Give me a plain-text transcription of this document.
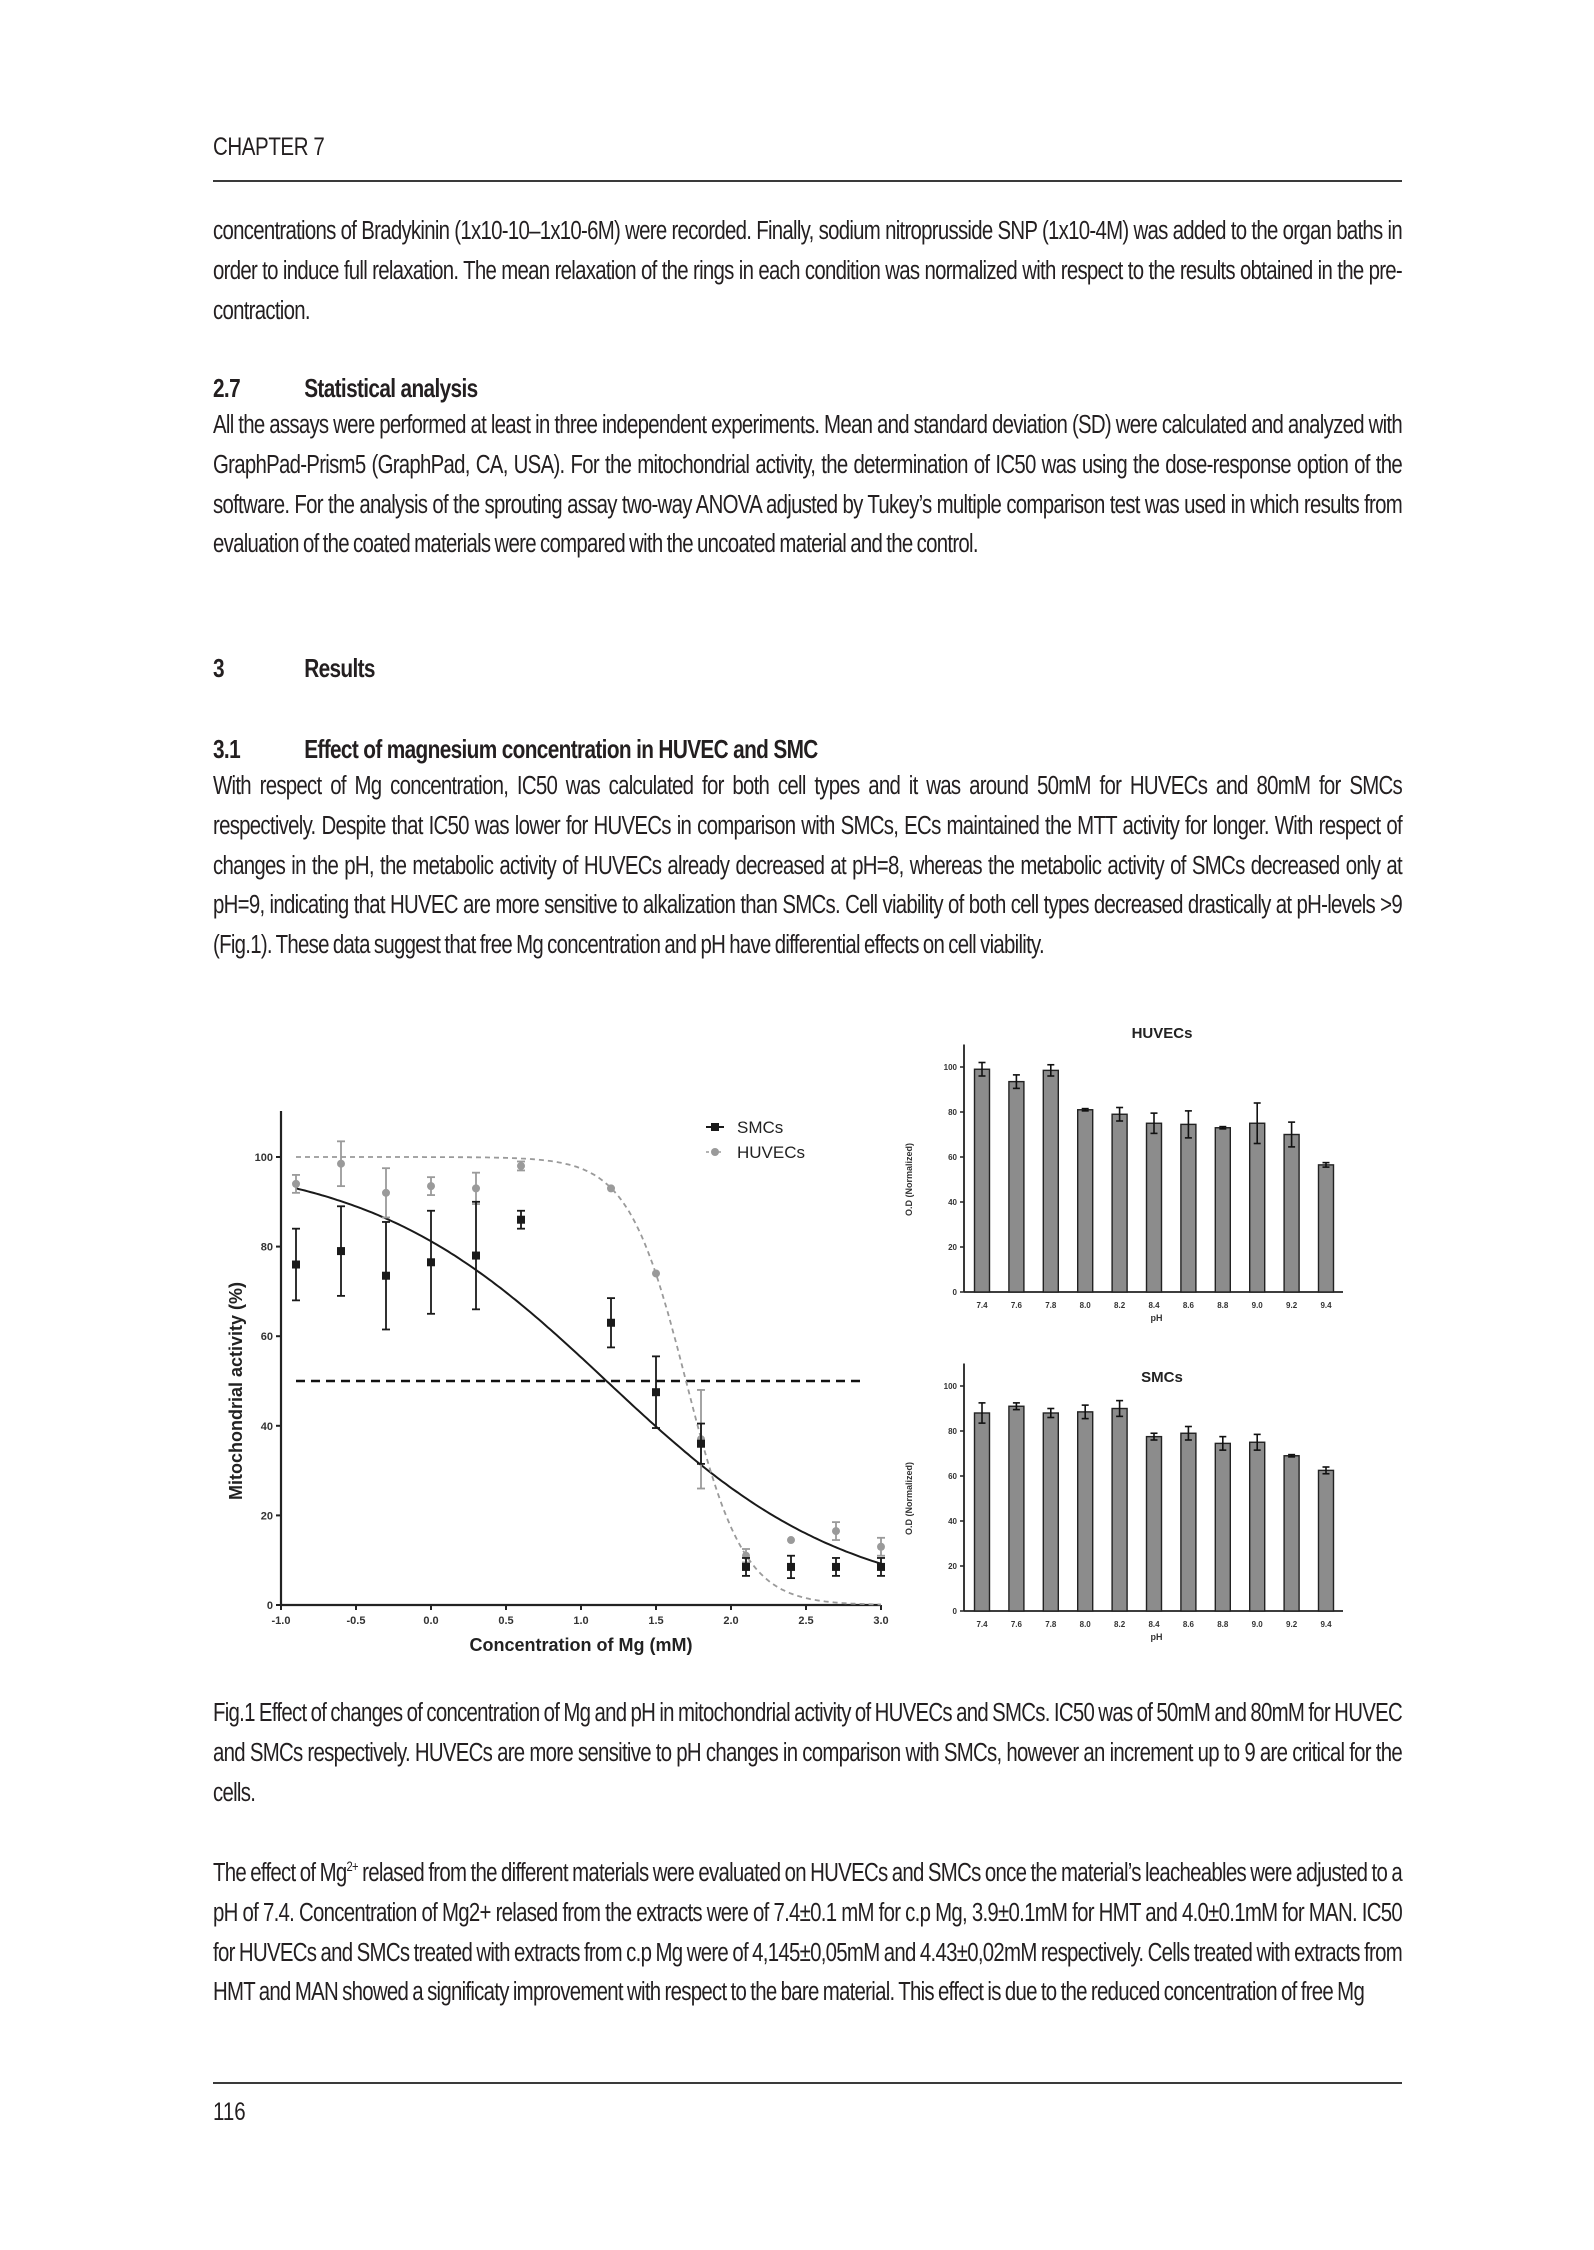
CHAPTER 7

concentrations of Bradykinin (1x10-10–1x10-6M) were recorded. Finally, sodium nitroprusside SNP (1x10-4M) was added to the organ baths in order to induce full relaxation. The mean relaxation of the rings in each condition was normalized with respect to the results obtained in the pre-contraction.

2.7	Statistical analysis

All the assays were performed at least in three independent experiments. Mean and standard deviation (SD) were calculated and analyzed with GraphPad-Prism5 (GraphPad, CA, USA). For the mitochondrial activity, the determination of IC50 was using the dose-response option of the software. For the analysis of the sprouting assay two-way ANOVA adjusted by Tukey’s multiple comparison test was used in which results from evaluation of the coated materials were compared with the uncoated material and the control.

3	Results
3.1	Effect of magnesium concentration in HUVEC and SMC

With respect of Mg concentration, IC50 was calculated for both cell types and it was around 50mM for HUVECs and 80mM for SMCs respectively. Despite that IC50 was lower for HUVECs in comparison with SMCs, ECs maintained the MTT activity for longer. With respect of changes in the pH, the metabolic activity of HUVECs already decreased at pH=8, whereas the metabolic activity of SMCs decreased only at pH=9, indicating that HUVEC are more sensitive to alkalization than SMCs. Cell viability of both cell types decreased drastically at pH-levels >9 (Fig.1). These data suggest that free Mg concentration and pH have differential effects on cell viability.

0
20
40
60
80
100
-1.0	-0.5	0.0	0.5	1.0	1.5	2.0	2.5	3.0
Concentration of Mg (mM)
Mitochondrial activity (%)
SMCs
HUVECs
0
20
40
60
80
100
HUVECs
O.D (Normalized)
7.4	7.6	7.8	8.0	8.2	8.4	8.6	8.8	9.0	9.2	9.4
pH
0
20
40
60
80
100
SMCs
O.D (Normalized)
7.4	7.6	7.8	8.0	8.2	8.4	8.6	8.8	9.0	9.2	9.4
pH

Fig.1 Effect of changes of concentration of Mg and pH in mitochondrial activity of HUVECs and SMCs. IC50 was of 50mM and 80mM for HUVEC and SMCs respectively. HUVECs are more sensitive to pH changes in comparison with SMCs, however an increment up to 9 are critical for the cells.

The effect of $Mg^{2+}$ relased from the different materials were evaluated on HUVECs and SMCs once the material’s leacheables were adjusted to a pH of 7.4. Concentration of Mg2+ relased from the extracts were of 7.4±0.1 mM for c.p Mg, 3.9±0.1mM for HMT and 4.0±0.1mM for MAN. IC50 for HUVECs and SMCs treated with extracts from c.p Mg were of 4,145±0,05mM and 4.43±0,02mM respectively. Cells treated with extracts from HMT and MAN showed a significaty improvement with respect to the bare material. This effect is due to the reduced concentration of free Mg

116
